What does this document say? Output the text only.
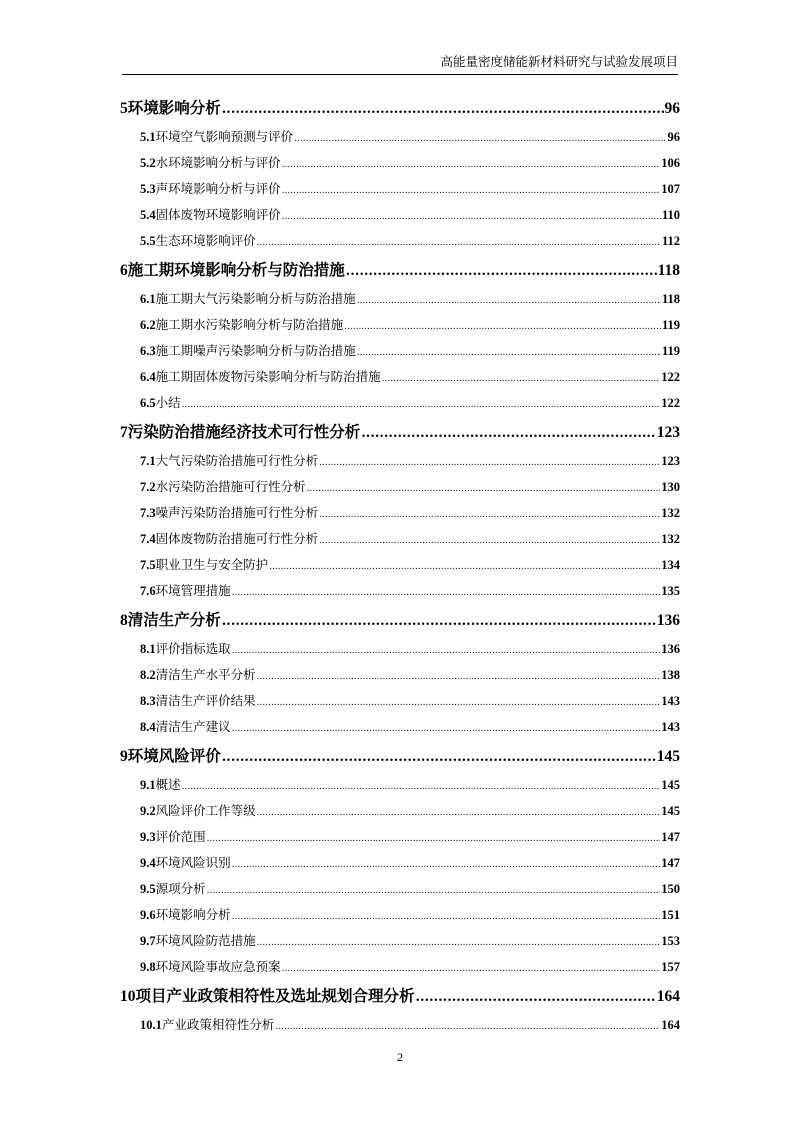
高能量密度储能新材料研究与试验发展项目
5 环境影响分析 .....	96
5.1 环境空气影响预测与评价 .....	96
5.2 水环境影响分析与评价 .....	106
5.3 声环境影响分析与评价 .....	107
5.4 固体废物环境影响评价 .....	110
5.5 生态环境影响评价 .....	112
6 施工期环境影响分析与防治措施 .....	118
6.1 施工期大气污染影响分析与防治措施 .....	118
6.2 施工期水污染影响分析与防治措施 .....	119
6.3 施工期噪声污染影响分析与防治措施 .....	119
6.4 施工期固体废物污染影响分析与防治措施 .....	122
6.5 小结 .....	122
7 污染防治措施经济技术可行性分析 .....	123
7.1 大气污染防治措施可行性分析 .....	123
7.2 水污染防治措施可行性分析 .....	130
7.3 噪声污染防治措施可行性分析 .....	132
7.4 固体废物防治措施可行性分析 .....	132
7.5 职业卫生与安全防护 .....	134
7.6 环境管理措施 .....	135
8 清洁生产分析 .....	136
8.1 评价指标选取 .....	136
8.2 清洁生产水平分析 .....	138
8.3 清洁生产评价结果 .....	143
8.4 清洁生产建议 .....	143
9 环境风险评价 .....	145
9.1 概述 .....	145
9.2 风险评价工作等级 .....	145
9.3 评价范围 .....	147
9.4 环境风险识别 .....	147
9.5 源项分析 .....	150
9.6 环境影响分析 .....	151
9.7 环境风险防范措施 .....	153
9.8 环境风险事故应急预案 .....	157
10 项目产业政策相符性及选址规划合理分析 .....	164
10.1 产业政策相符性分析 .....	164
2
